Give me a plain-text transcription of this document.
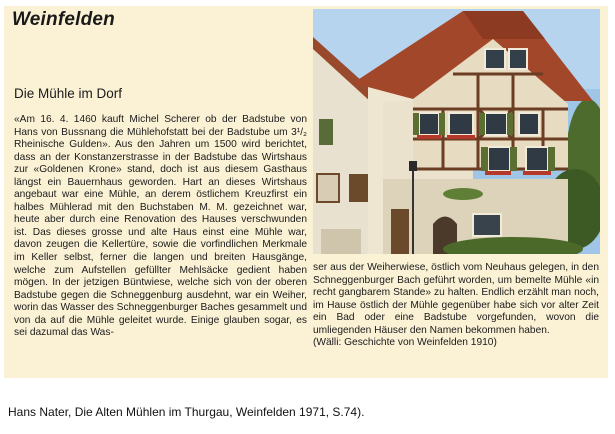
Weinfelden
Die Mühle im Dorf

«Am 16. 4. 1460 kauft Michel Scherer ob der Badstube von Hans von Bussnang die Mühlehofstatt bei der Badstube um 3¹/₂ Rheinische Gulden». Aus den Jahren um 1500 wird berichtet, dass an der Konstanzerstrasse in der Badstube das Wirtshaus zur «Goldenen Krone» stand, doch ist aus diesem Gasthaus längst ein Bauernhaus geworden. Hart an dieses Wirtshaus angebaut war eine Mühle, an derem östlichem Kreuzfirst ein halbes Mühlerad mit den Buchstaben M. M. gezeichnet war, heute aber durch eine Renovation des Hauses verschwunden ist. Das dieses grosse und alte Haus einst eine Mühle war, davon zeugen die Kellertüre, sowie die vorfindlichen Merkmale im Keller selbst, ferner die langen und breiten Hausgänge, welche zum Aufstellen gefüllter Mehlsäcke gedient haben mögen. In der jetzigen Büntwiese, welche sich von der oberen Badstube gegen die Schneggenburg ausdehnt, war ein Weiher, worin das Wasser des Schneggenburger Baches gesammelt und von da auf die Mühle geleitet wurde. Einige glauben sogar, es sei dazumal das Was-

ser aus der Weiherwiese, östlich vom Neuhaus gelegen, in den Schneggenburger Bach geführt worden, um bemelte Mühle «in recht gangbarem Stande» zu halten. Endlich erzählt man noch, im Hause östlich der Mühle gegenüber habe sich vor alter Zeit ein Bad oder eine Badstube vorgefunden, wovon die umliegenden Häuser den Namen bekommen haben.
(Wälli: Geschichte von Weinfelden 1910)

Hans Nater, Die Alten Mühlen im Thurgau, Weinfelden 1971, S.74).
